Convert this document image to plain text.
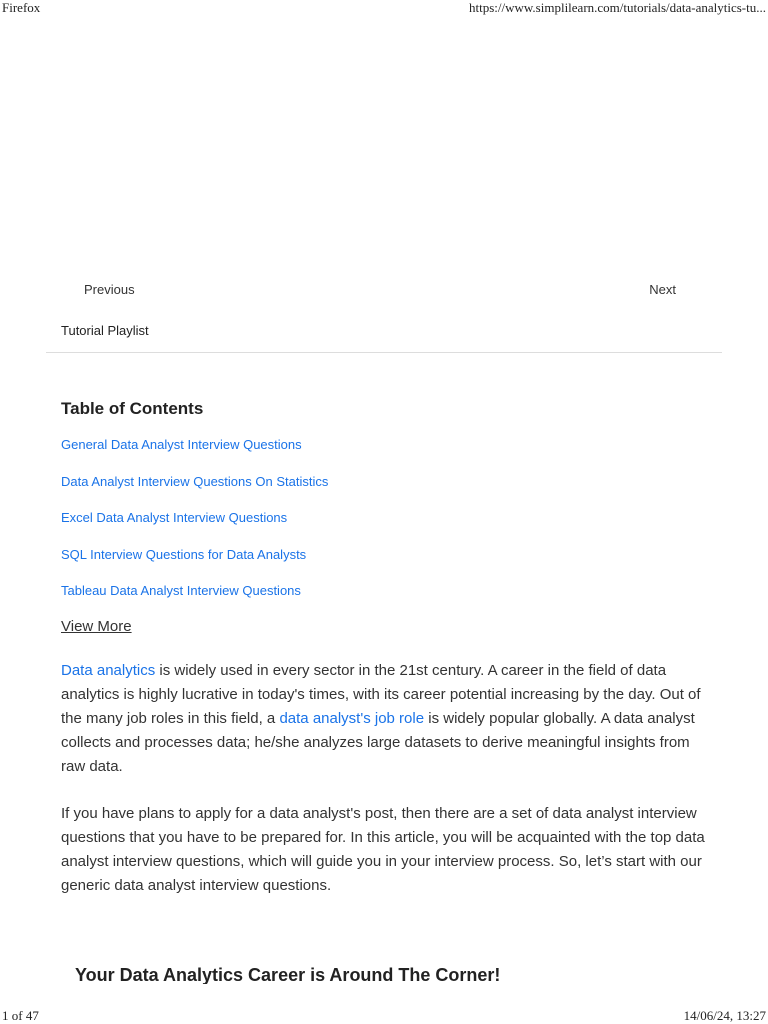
Firefox	https://www.simplilearn.com/tutorials/data-analytics-tu...
Previous	Next
Tutorial Playlist
Table of Contents
General Data Analyst Interview Questions
Data Analyst Interview Questions On Statistics
Excel Data Analyst Interview Questions
SQL Interview Questions for Data Analysts
Tableau Data Analyst Interview Questions
View More

Data analytics is widely used in every sector in the 21st century. A career in the field of data analytics is highly lucrative in today's times, with its career potential increasing by the day. Out of the many job roles in this field, a data analyst's job role is widely popular globally. A data analyst collects and processes data; he/she analyzes large datasets to derive meaningful insights from raw data.

If you have plans to apply for a data analyst's post, then there are a set of data analyst interview questions that you have to be prepared for. In this article, you will be acquainted with the top data analyst interview questions, which will guide you in your interview process. So, let’s start with our generic data analyst interview questions.

Your Data Analytics Career is Around The Corner!
1 of 47	14/06/24, 13:27
